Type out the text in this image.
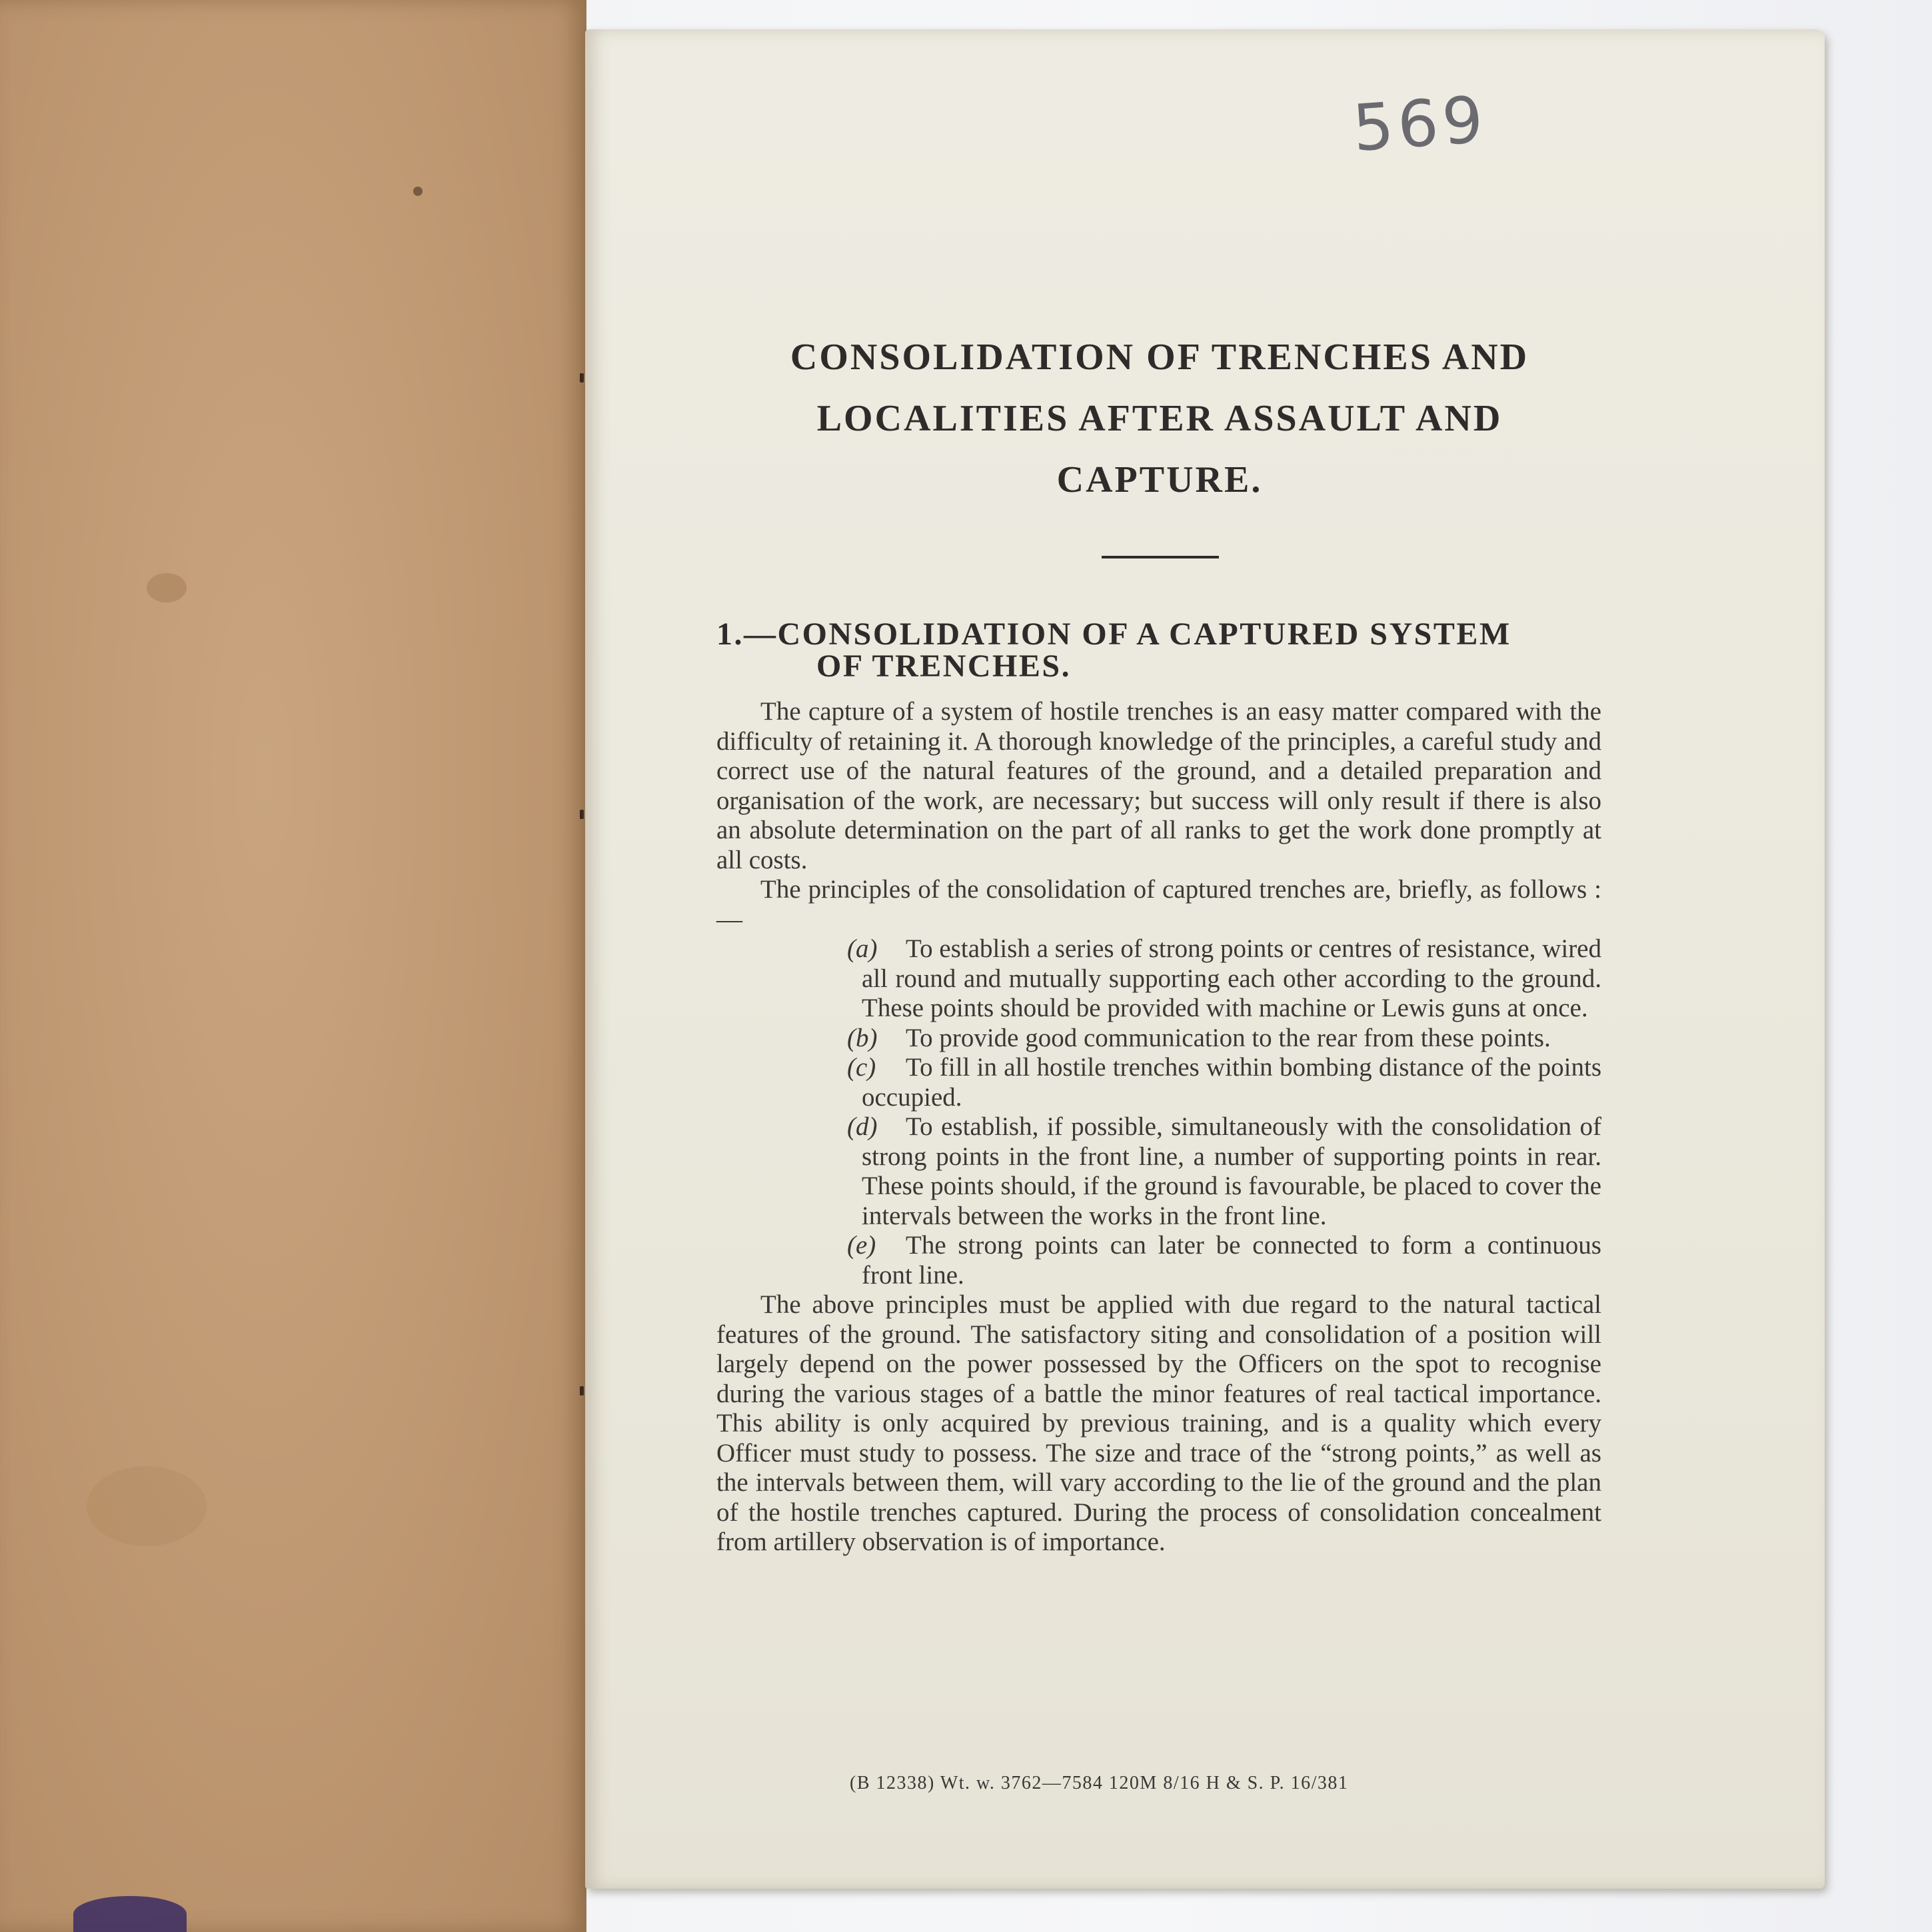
569
CONSOLIDATION OF TRENCHES AND
LOCALITIES AFTER ASSAULT AND
CAPTURE.
1.—CONSOLIDATION OF A CAPTURED SYSTEM
OF TRENCHES.

The capture of a system of hostile trenches is an easy matter compared with the difficulty of retaining it. A thorough knowledge of the principles, a careful study and correct use of the natural features of the ground, and a detailed preparation and organisation of the work, are necessary; but success will only result if there is also an absolute determination on the part of all ranks to get the work done promptly at all costs.

The principles of the consolidation of captured trenches are, briefly, as follows :—

(a) To establish a series of strong points or centres of resistance, wired all round and mutually supporting each other according to the ground. These points should be provided with machine or Lewis guns at once.

(b) To provide good communication to the rear from these points.

(c) To fill in all hostile trenches within bombing distance of the points occupied.

(d) To establish, if possible, simultaneously with the consolidation of strong points in the front line, a number of supporting points in rear. These points should, if the ground is favourable, be placed to cover the intervals between the works in the front line.

(e) The strong points can later be connected to form a continuous front line.

The above principles must be applied with due regard to the natural tactical features of the ground. The satisfactory siting and consolidation of a position will largely depend on the power possessed by the Officers on the spot to recognise during the various stages of a battle the minor features of real tactical importance. This ability is only acquired by previous training, and is a quality which every Officer must study to possess. The size and trace of the “strong points,” as well as the intervals between them, will vary according to the lie of the ground and the plan of the hostile trenches captured. During the process of consolidation concealment from artillery observation is of importance.

(B 12338) Wt. w. 3762—7584 120M 8/16 H & S. P. 16/381
